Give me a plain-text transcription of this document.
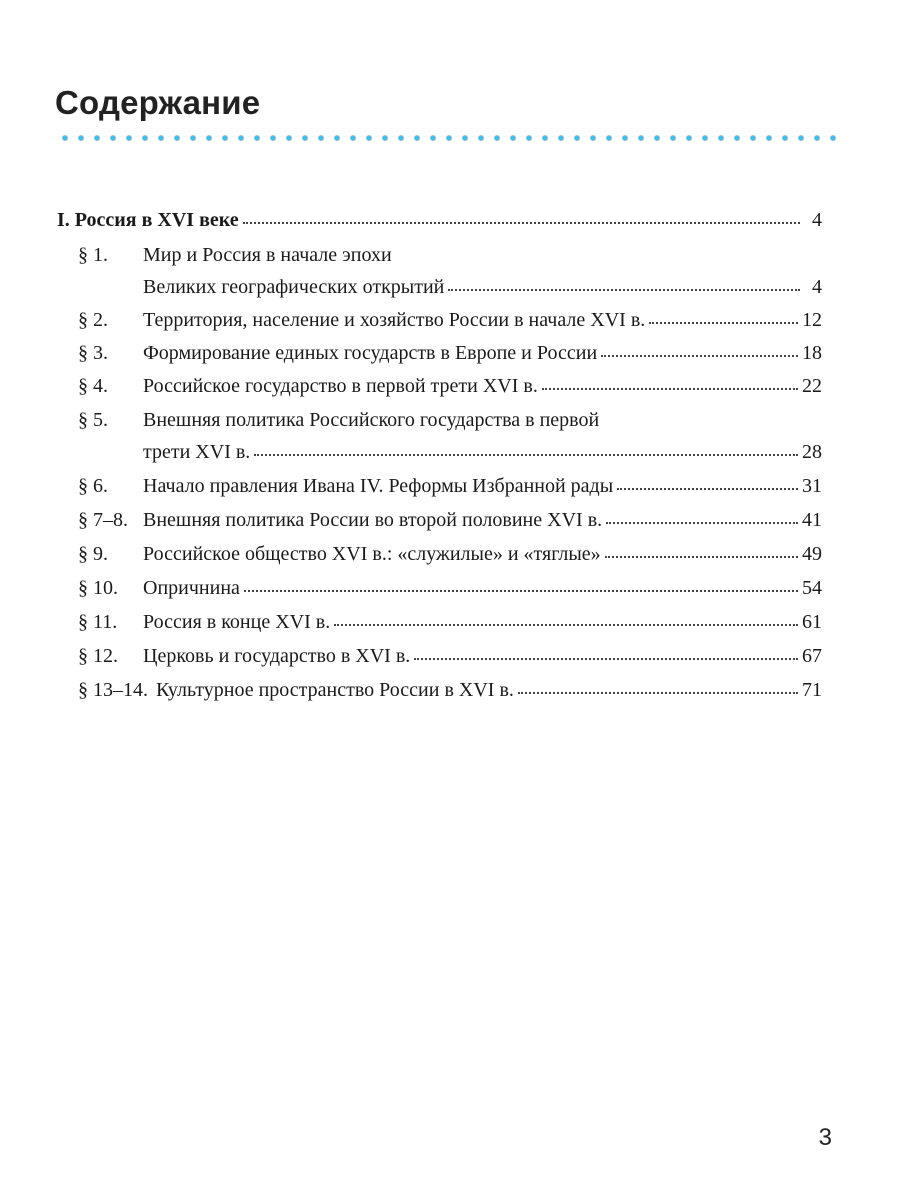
Содержание
I. Россия в XVI веке	4
§ 1. Мир и Россия в начале эпохи
Великих географических открытий	4
§ 2.	Территория, население и хозяйство России в начале XVI в.	12
§ 3.	Формирование единых государств в Европе и России	18
§ 4.	Российское государство в первой трети XVI в.	22
§ 5. Внешняя политика Российского государства в первой
трети XVI в.	28
§ 6.	Начало правления Ивана IV. Реформы Избранной рады	31
§ 7–8. Внешняя политика России во второй половине XVI в.	41
§ 9.	Российское общество XVI в.: «служилые» и «тяглые»	49
§ 10.	Опричнина	54
§ 11.	Россия в конце XVI в.	61
§ 12.	Церковь и государство в XVI в.	67
§ 13–14. Культурное пространство России в XVI в.	71
3
